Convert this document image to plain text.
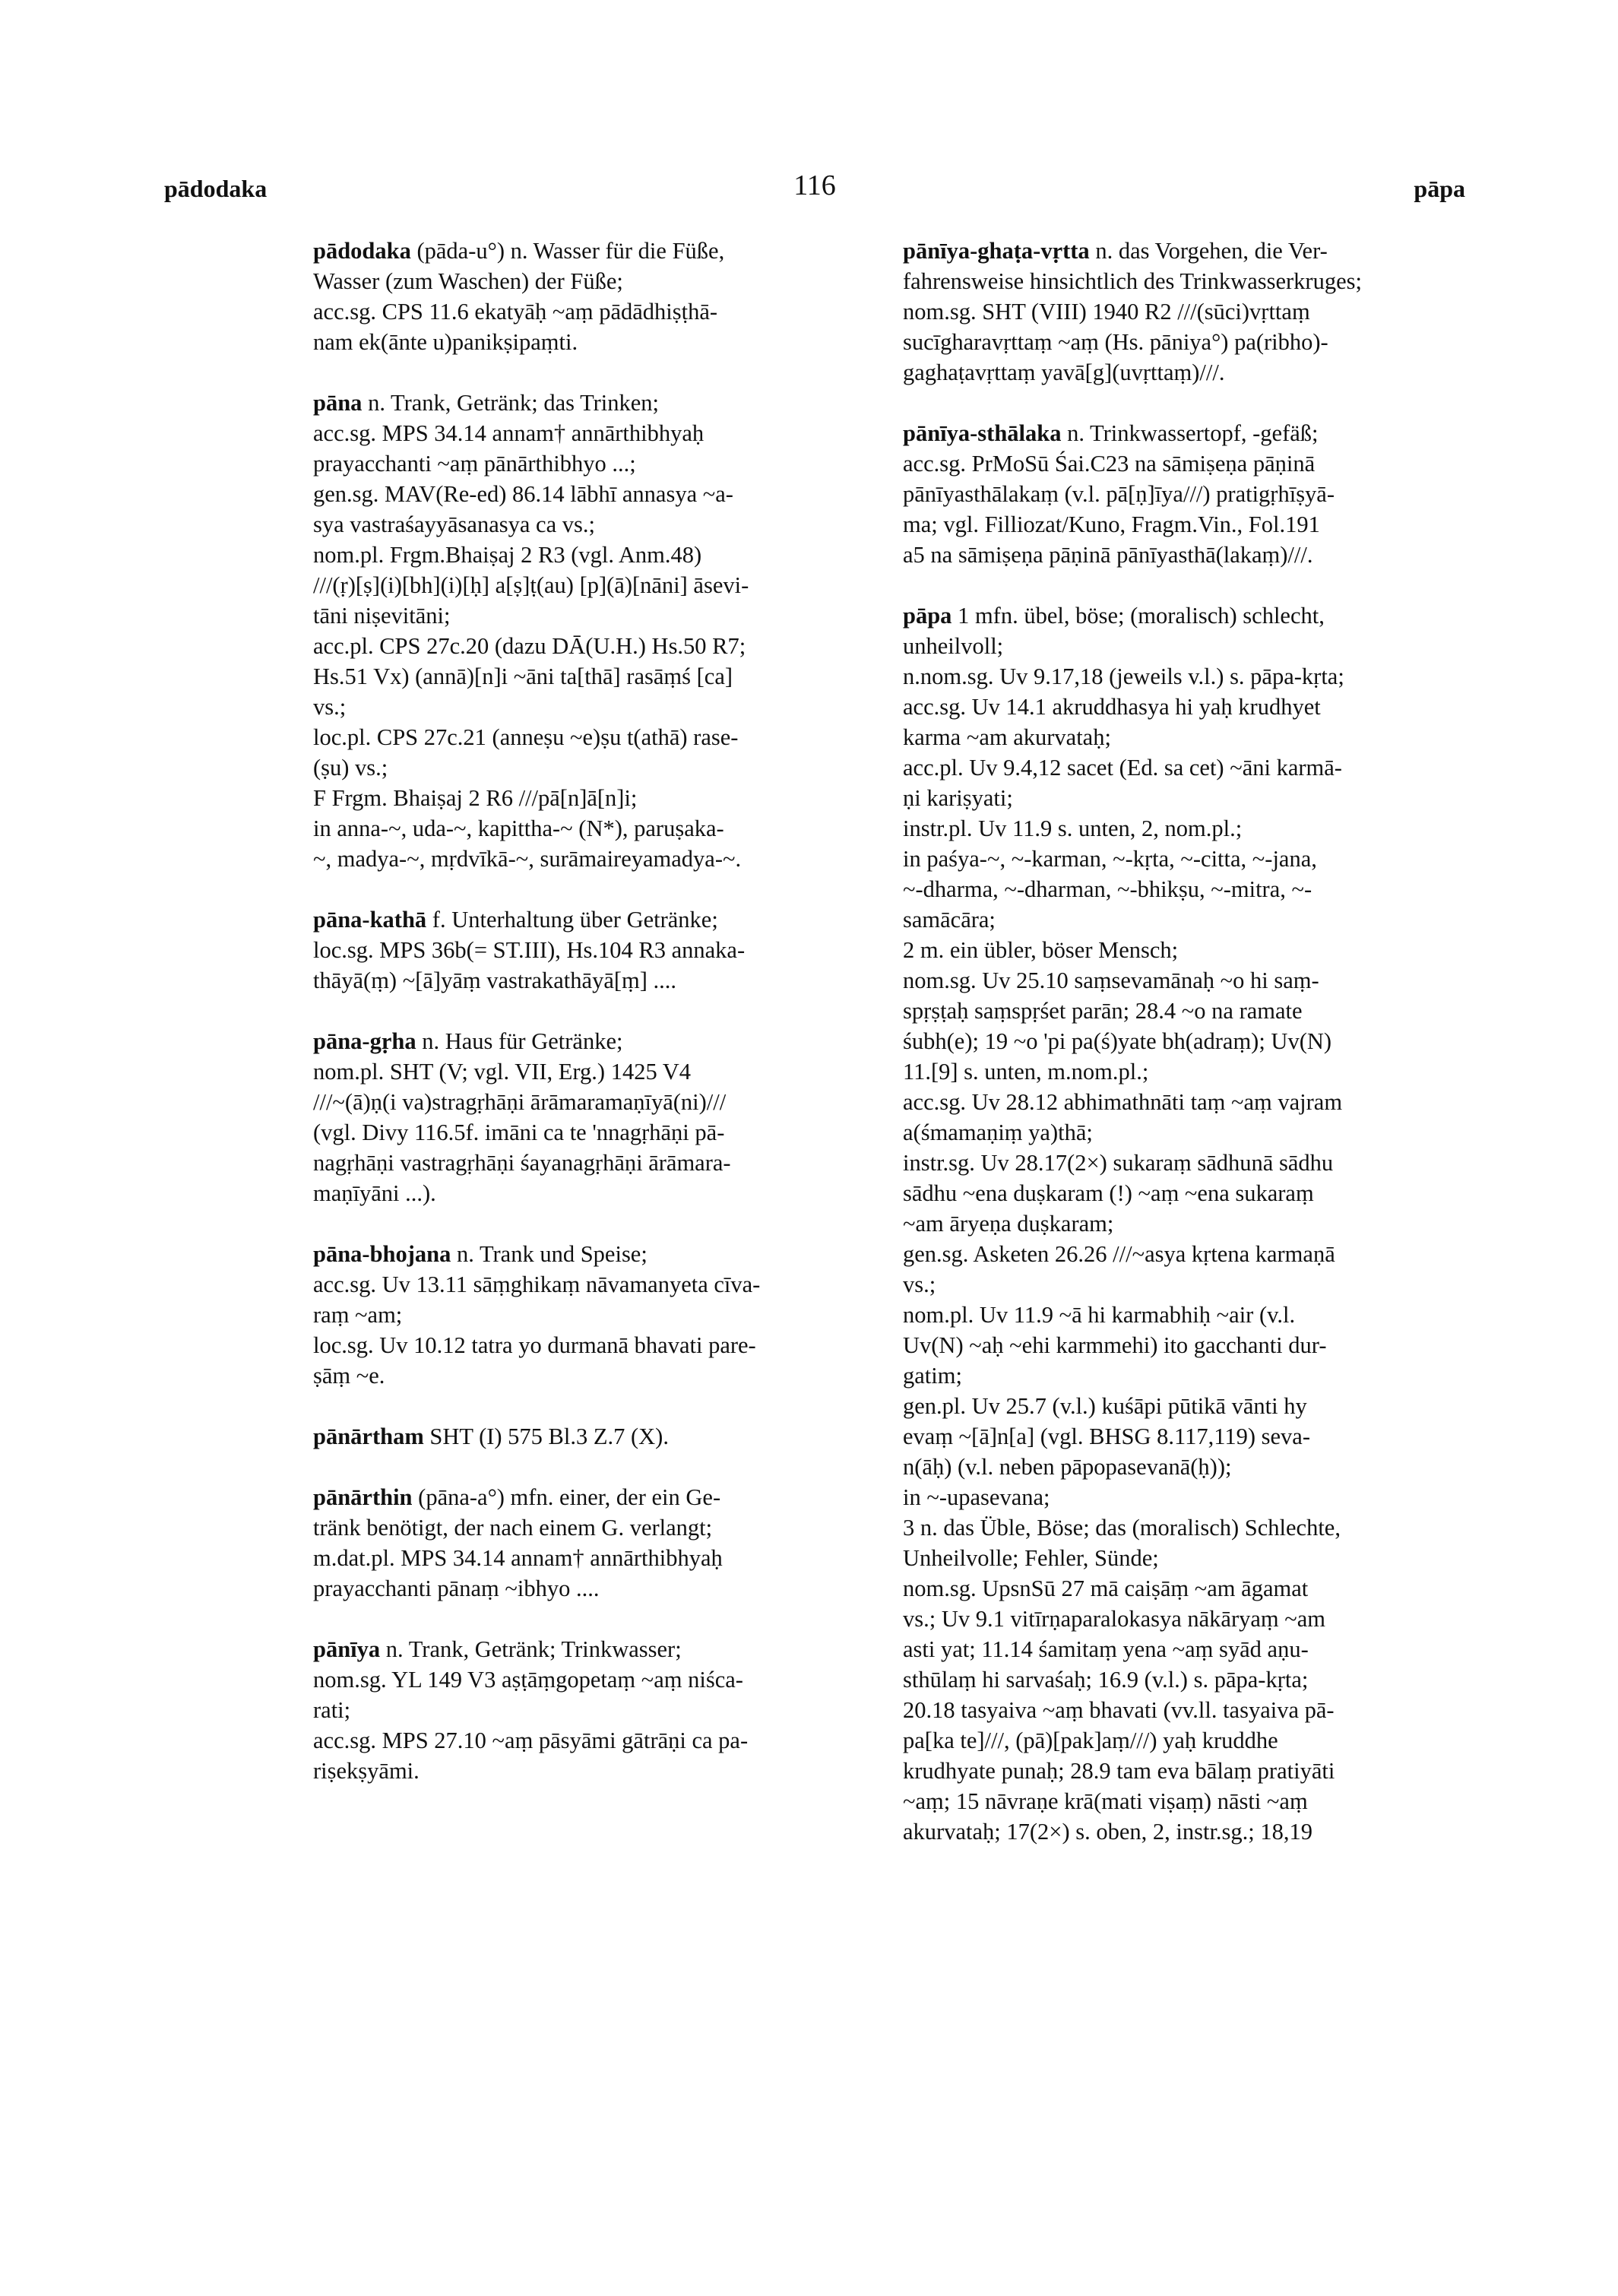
pādodaka	116	pāpa
pādodaka (pāda-u°) n. Wasser für die Füße,
Wasser (zum Waschen) der Füße;
acc.sg. CPS 11.6 ekatyāḥ ~aṃ pādādhiṣṭhā-
nam ek(ānte u)panikṣipaṃti.
pāna n. Trank, Getränk; das Trinken;
acc.sg. MPS 34.14 annam† annārthibhyaḥ
prayacchanti ~aṃ pānārthibhyo ...;
gen.sg. MAV(Re-ed) 86.14 lābhī annasya ~a-
sya vastraśayyāsanasya ca vs.;
nom.pl. Frgm.Bhaiṣaj 2 R3 (vgl. Anm.48)
///(ṛ)[ṣ](i)[bh](i)[ḥ] a[ṣ]ṭ(au) [p](ā)[nāni] āsevi-
tāni niṣevitāni;
acc.pl. CPS 27c.20 (dazu DĀ(U.H.) Hs.50 R7;
Hs.51 Vx) (annā)[n]i ~āni ta[thā] rasāṃś [ca]
vs.;
loc.pl. CPS 27c.21 (anneṣu ~e)ṣu t(athā) rase-
(ṣu) vs.;
F Frgm. Bhaiṣaj 2 R6 ///pā[n]ā[n]i;
in anna-~, uda-~, kapittha-~ (N*), paruṣaka-
~, madya-~, mṛdvīkā-~, surāmaireyamadya-~.
pāna-kathā f. Unterhaltung über Getränke;
loc.sg. MPS 36b(= ST.III), Hs.104 R3 annaka-
thāyā(ṃ) ~[ā]yāṃ vastrakathāyā[ṃ] ....
pāna-gṛha n. Haus für Getränke;
nom.pl. SHT (V; vgl. VII, Erg.) 1425 V4
///~(ā)ṇ(i va)stragṛhāṇi ārāmaramaṇīyā(ni)///
(vgl. Divy 116.5f. imāni ca te 'nnagṛhāṇi pā-
nagṛhāṇi vastragṛhāṇi śayanagṛhāṇi ārāmara-
maṇīyāni ...).
pāna-bhojana n. Trank und Speise;
acc.sg. Uv 13.11 sāṃghikaṃ nāvamanyeta cīva-
raṃ ~am;
loc.sg. Uv 10.12 tatra yo durmanā bhavati pare-
ṣāṃ ~e.
pānārtham SHT (I) 575 Bl.3 Z.7 (X).
pānārthin (pāna-a°) mfn. einer, der ein Ge-
tränk benötigt, der nach einem G. verlangt;
m.dat.pl. MPS 34.14 annam† annārthibhyaḥ
prayacchanti pānaṃ ~ibhyo ....
pānīya n. Trank, Getränk; Trinkwasser;
nom.sg. YL 149 V3 aṣṭāṃgopetaṃ ~aṃ niśca-
rati;
acc.sg. MPS 27.10 ~aṃ pāsyāmi gātrāṇi ca pa-
riṣekṣyāmi.
pānīya-ghaṭa-vṛtta n. das Vorgehen, die Ver-
fahrensweise hinsichtlich des Trinkwasserkruges;
nom.sg. SHT (VIII) 1940 R2 ///(sūci)vṛttaṃ
sucīgharavṛttaṃ ~aṃ (Hs. pāniya°) pa(ribho)-
gaghaṭavṛttaṃ yavā[g](uvṛttaṃ)///.
pānīya-sthālaka n. Trinkwassertopf, -gefäß;
acc.sg. PrMoSū Śai.C23 na sāmiṣeṇa pāṇinā
pānīyasthālakaṃ (v.l. pā[ṇ]īya///) pratigṛhīṣyā-
ma; vgl. Filliozat/Kuno, Fragm.Vin., Fol.191
a5 na sāmiṣeṇa pāṇinā pānīyasthā(lakaṃ)///.
pāpa 1 mfn. übel, böse; (moralisch) schlecht,
unheilvoll;
n.nom.sg. Uv 9.17,18 (jeweils v.l.) s. pāpa-kṛta;
acc.sg. Uv 14.1 akruddhasya hi yaḥ krudhyet
karma ~am akurvataḥ;
acc.pl. Uv 9.4,12 sacet (Ed. sa cet) ~āni karmā-
ṇi kariṣyati;
instr.pl. Uv 11.9 s. unten, 2, nom.pl.;
in paśya-~, ~-karman, ~-kṛta, ~-citta, ~-jana,
~-dharma, ~-dharman, ~-bhikṣu, ~-mitra, ~-
samācāra;
2 m. ein übler, böser Mensch;
nom.sg. Uv 25.10 saṃsevamānaḥ ~o hi saṃ-
spṛṣṭaḥ saṃspṛśet parān; 28.4 ~o na ramate
śubh(e); 19 ~o 'pi pa(ś)yate bh(adraṃ); Uv(N)
11.[9] s. unten, m.nom.pl.;
acc.sg. Uv 28.12 abhimathnāti taṃ ~aṃ vajram
a(śmamaṇiṃ ya)thā;
instr.sg. Uv 28.17(2×) sukaraṃ sādhunā sādhu
sādhu ~ena duṣkaram (!) ~aṃ ~ena sukaraṃ
~am āryeṇa duṣkaram;
gen.sg. Asketen 26.26 ///~asya kṛtena karmaṇā
vs.;
nom.pl. Uv 11.9 ~ā hi karmabhiḥ ~air (v.l.
Uv(N) ~aḥ ~ehi karmmehi) ito gacchanti dur-
gatim;
gen.pl. Uv 25.7 (v.l.) kuśāpi pūtikā vānti hy
evaṃ ~[ā]n[a] (vgl. BHSG 8.117,119) seva-
n(āḥ) (v.l. neben pāpopasevanā(ḥ));
in ~-upasevana;
3 n. das Üble, Böse; das (moralisch) Schlechte,
Unheilvolle; Fehler, Sünde;
nom.sg. UpsnSū 27 mā caiṣāṃ ~am āgamat
vs.; Uv 9.1 vitīrṇaparalokasya nākāryaṃ ~am
asti yat; 11.14 śamitaṃ yena ~aṃ syād aṇu-
sthūlaṃ hi sarvaśaḥ; 16.9 (v.l.) s. pāpa-kṛta;
20.18 tasyaiva ~aṃ bhavati (vv.ll. tasyaiva pā-
pa[ka te]///, (pā)[pak]aṃ///) yaḥ kruddhe
krudhyate punaḥ; 28.9 tam eva bālaṃ pratiyāti
~aṃ; 15 nāvraṇe krā(mati viṣaṃ) nāsti ~aṃ
akurvataḥ; 17(2×) s. oben, 2, instr.sg.; 18,19
